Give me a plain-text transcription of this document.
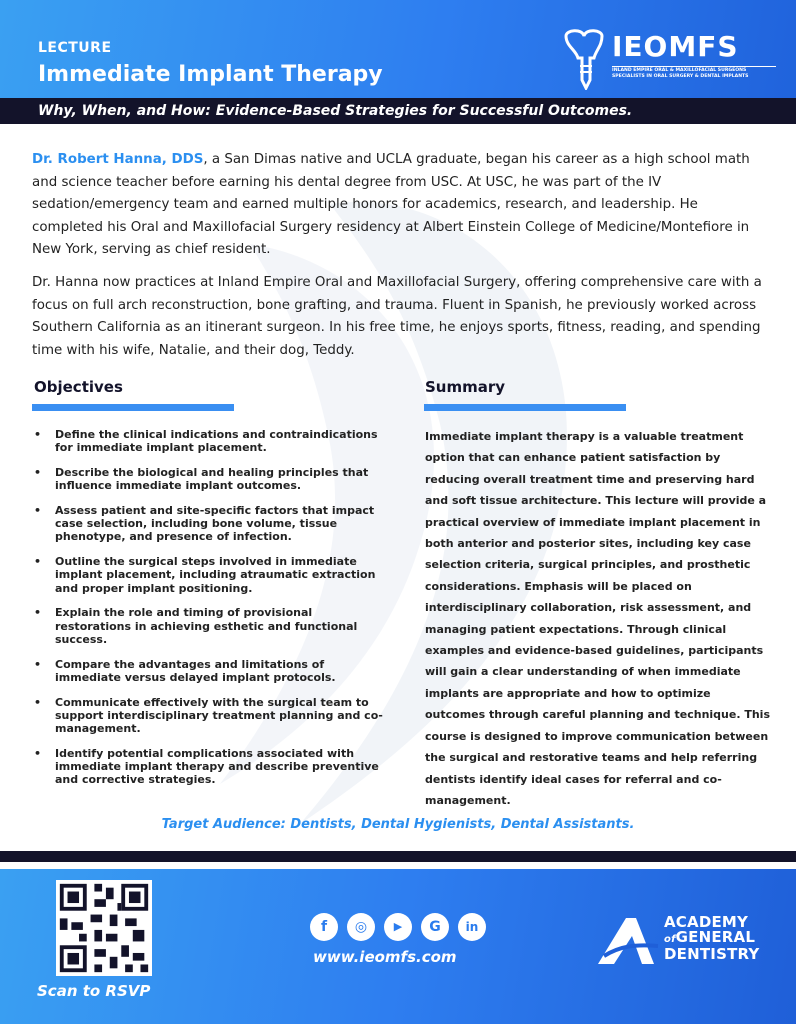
LECTURE
Immediate Implant Therapy
IEOMFS
INLAND EMPIRE ORAL & MAXILLOFACIAL SURGEONS
SPECIALISTS IN ORAL SURGERY & DENTAL IMPLANTS
Why, When, and How: Evidence-Based Strategies for Successful Outcomes.

Dr. Robert Hanna, DDS, a San Dimas native and UCLA graduate, began his career as a high school math and science teacher before earning his dental degree from USC. At USC, he was part of the IV sedation/emergency team and earned multiple honors for academics, research, and leadership. He completed his Oral and Maxillofacial Surgery residency at Albert Einstein College of Medicine/Montefiore in New York, serving as chief resident.

Dr. Hanna now practices at Inland Empire Oral and Maxillofacial Surgery, offering comprehensive care with a focus on full arch reconstruction, bone grafting, and trauma. Fluent in Spanish, he previously worked across Southern California as an itinerant surgeon. In his free time, he enjoys sports, fitness, reading, and spending time with his wife, Natalie, and their dog, Teddy.

Objectives
• Define the clinical indications and contraindications for immediate implant placement.
• Describe the biological and healing principles that influence immediate implant outcomes.
• Assess patient and site-specific factors that impact case selection, including bone volume, tissue phenotype, and presence of infection.
• Outline the surgical steps involved in immediate implant placement, including atraumatic extraction and proper implant positioning.
• Explain the role and timing of provisional restorations in achieving esthetic and functional success.
• Compare the advantages and limitations of immediate versus delayed implant protocols.
• Communicate effectively with the surgical team to support interdisciplinary treatment planning and co-management.
• Identify potential complications associated with immediate implant therapy and describe preventive and corrective strategies.
Summary

Immediate implant therapy is a valuable treatment option that can enhance patient satisfaction by reducing overall treatment time and preserving hard and soft tissue architecture. This lecture will provide a practical overview of immediate implant placement in both anterior and posterior sites, including key case selection criteria, surgical principles, and prosthetic considerations. Emphasis will be placed on interdisciplinary collaboration, risk assessment, and managing patient expectations. Through clinical examples and evidence-based guidelines, participants will gain a clear understanding of when immediate implants are appropriate and how to optimize outcomes through careful planning and technique. This course is designed to improve communication between the surgical and restorative teams and help referring dentists identify ideal cases for referral and co-management.

Target Audience: Dentists, Dental Hygienists, Dental Assistants.
Scan to RSVP
f	◎	▶	G	in
www.ieomfs.com
ACADEMY
ofGENERAL
DENTISTRY
